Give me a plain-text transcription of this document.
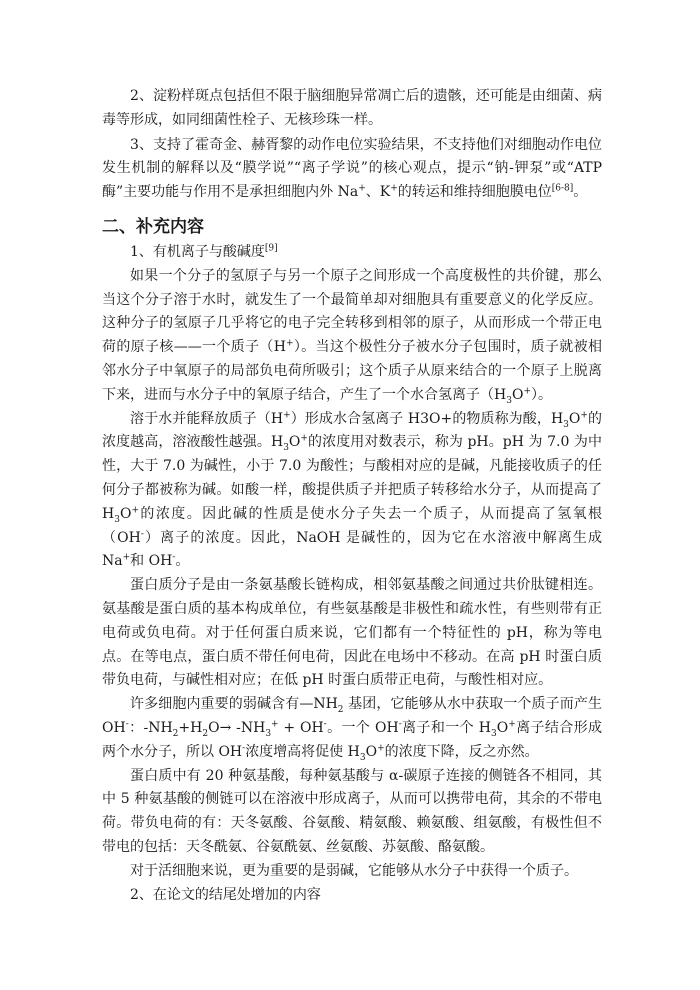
2、淀粉样斑点包括但不限于脑细胞异常凋亡后的遗骸，还可能是由细菌、病毒等形成，如同细菌性栓子、无核珍珠一样。

3、支持了霍奇金、赫胥黎的动作电位实验结果，不支持他们对细胞动作电位发生机制的解释以及“膜学说”“离子学说”的核心观点，提示“钠-钾泵”或“ATP酶”主要功能与作用不是承担细胞内外 Na+、K+的转运和维持细胞膜电位[6-8]。

二、补充内容

1、有机离子与酸碱度[9]

如果一个分子的氢原子与另一个原子之间形成一个高度极性的共价键，那么当这个分子溶于水时，就发生了一个最简单却对细胞具有重要意义的化学反应。这种分子的氢原子几乎将它的电子完全转移到相邻的原子，从而形成一个带正电荷的原子核——一个质子（H+）。当这个极性分子被水分子包围时，质子就被相邻水分子中氧原子的局部负电荷所吸引；这个质子从原来结合的一个原子上脱离下来，进而与水分子中的氧原子结合，产生了一个水合氢离子$(H_3O^+)$。

溶于水并能释放质子（H+）形成水合氢离子 H3O+的物质称为酸，$H_3O^+$的浓度越高，溶液酸性越强。$H_3O^+$的浓度用对数表示，称为 pH。pH 为 7.0 为中性，大于 7.0 为碱性，小于 7.0 为酸性；与酸相对应的是碱，凡能接收质子的任何分子都被称为碱。如酸一样，酸提供质子并把质子转移给水分子，从而提高了 $H_3O^+$的浓度。因此碱的性质是使水分子失去一个质子，从而提高了氢氧根（OH-）离子的浓度。因此，NaOH 是碱性的，因为它在水溶液中解离生成 Na+和 OH-。

蛋白质分子是由一条氨基酸长链构成，相邻氨基酸之间通过共价肽键相连。氨基酸是蛋白质的基本构成单位，有些氨基酸是非极性和疏水性，有些则带有正电荷或负电荷。对于任何蛋白质来说，它们都有一个特征性的 pH，称为等电点。在等电点，蛋白质不带任何电荷，因此在电场中不移动。在高 pH 时蛋白质带负电荷，与碱性相对应；在低 pH 时蛋白质带正电荷，与酸性相对应。

许多细胞内重要的弱碱含有$—NH_2$ 基团，它能够从水中获取一个质子而产生 OH-：$-NH_2+H_2O\to -NH_3^+ + OH^-$。一个 OH-离子和一个 $H_3O^+$离子结合形成两个水分子，所以 OH-浓度增高将促使 $H_3O^+$的浓度下降，反之亦然。

蛋白质中有 20 种氨基酸，每种氨基酸与 α-碳原子连接的侧链各不相同，其中 5 种氨基酸的侧链可以在溶液中形成离子，从而可以携带电荷，其余的不带电荷。带负电荷的有：天冬氨酸、谷氨酸、精氨酸、赖氨酸、组氨酸，有极性但不带电的包括：天冬酰氨、谷氨酰氨、丝氨酸、苏氨酸、酪氨酸。

对于活细胞来说，更为重要的是弱碱，它能够从水分子中获得一个质子。

2、在论文的结尾处增加的内容
